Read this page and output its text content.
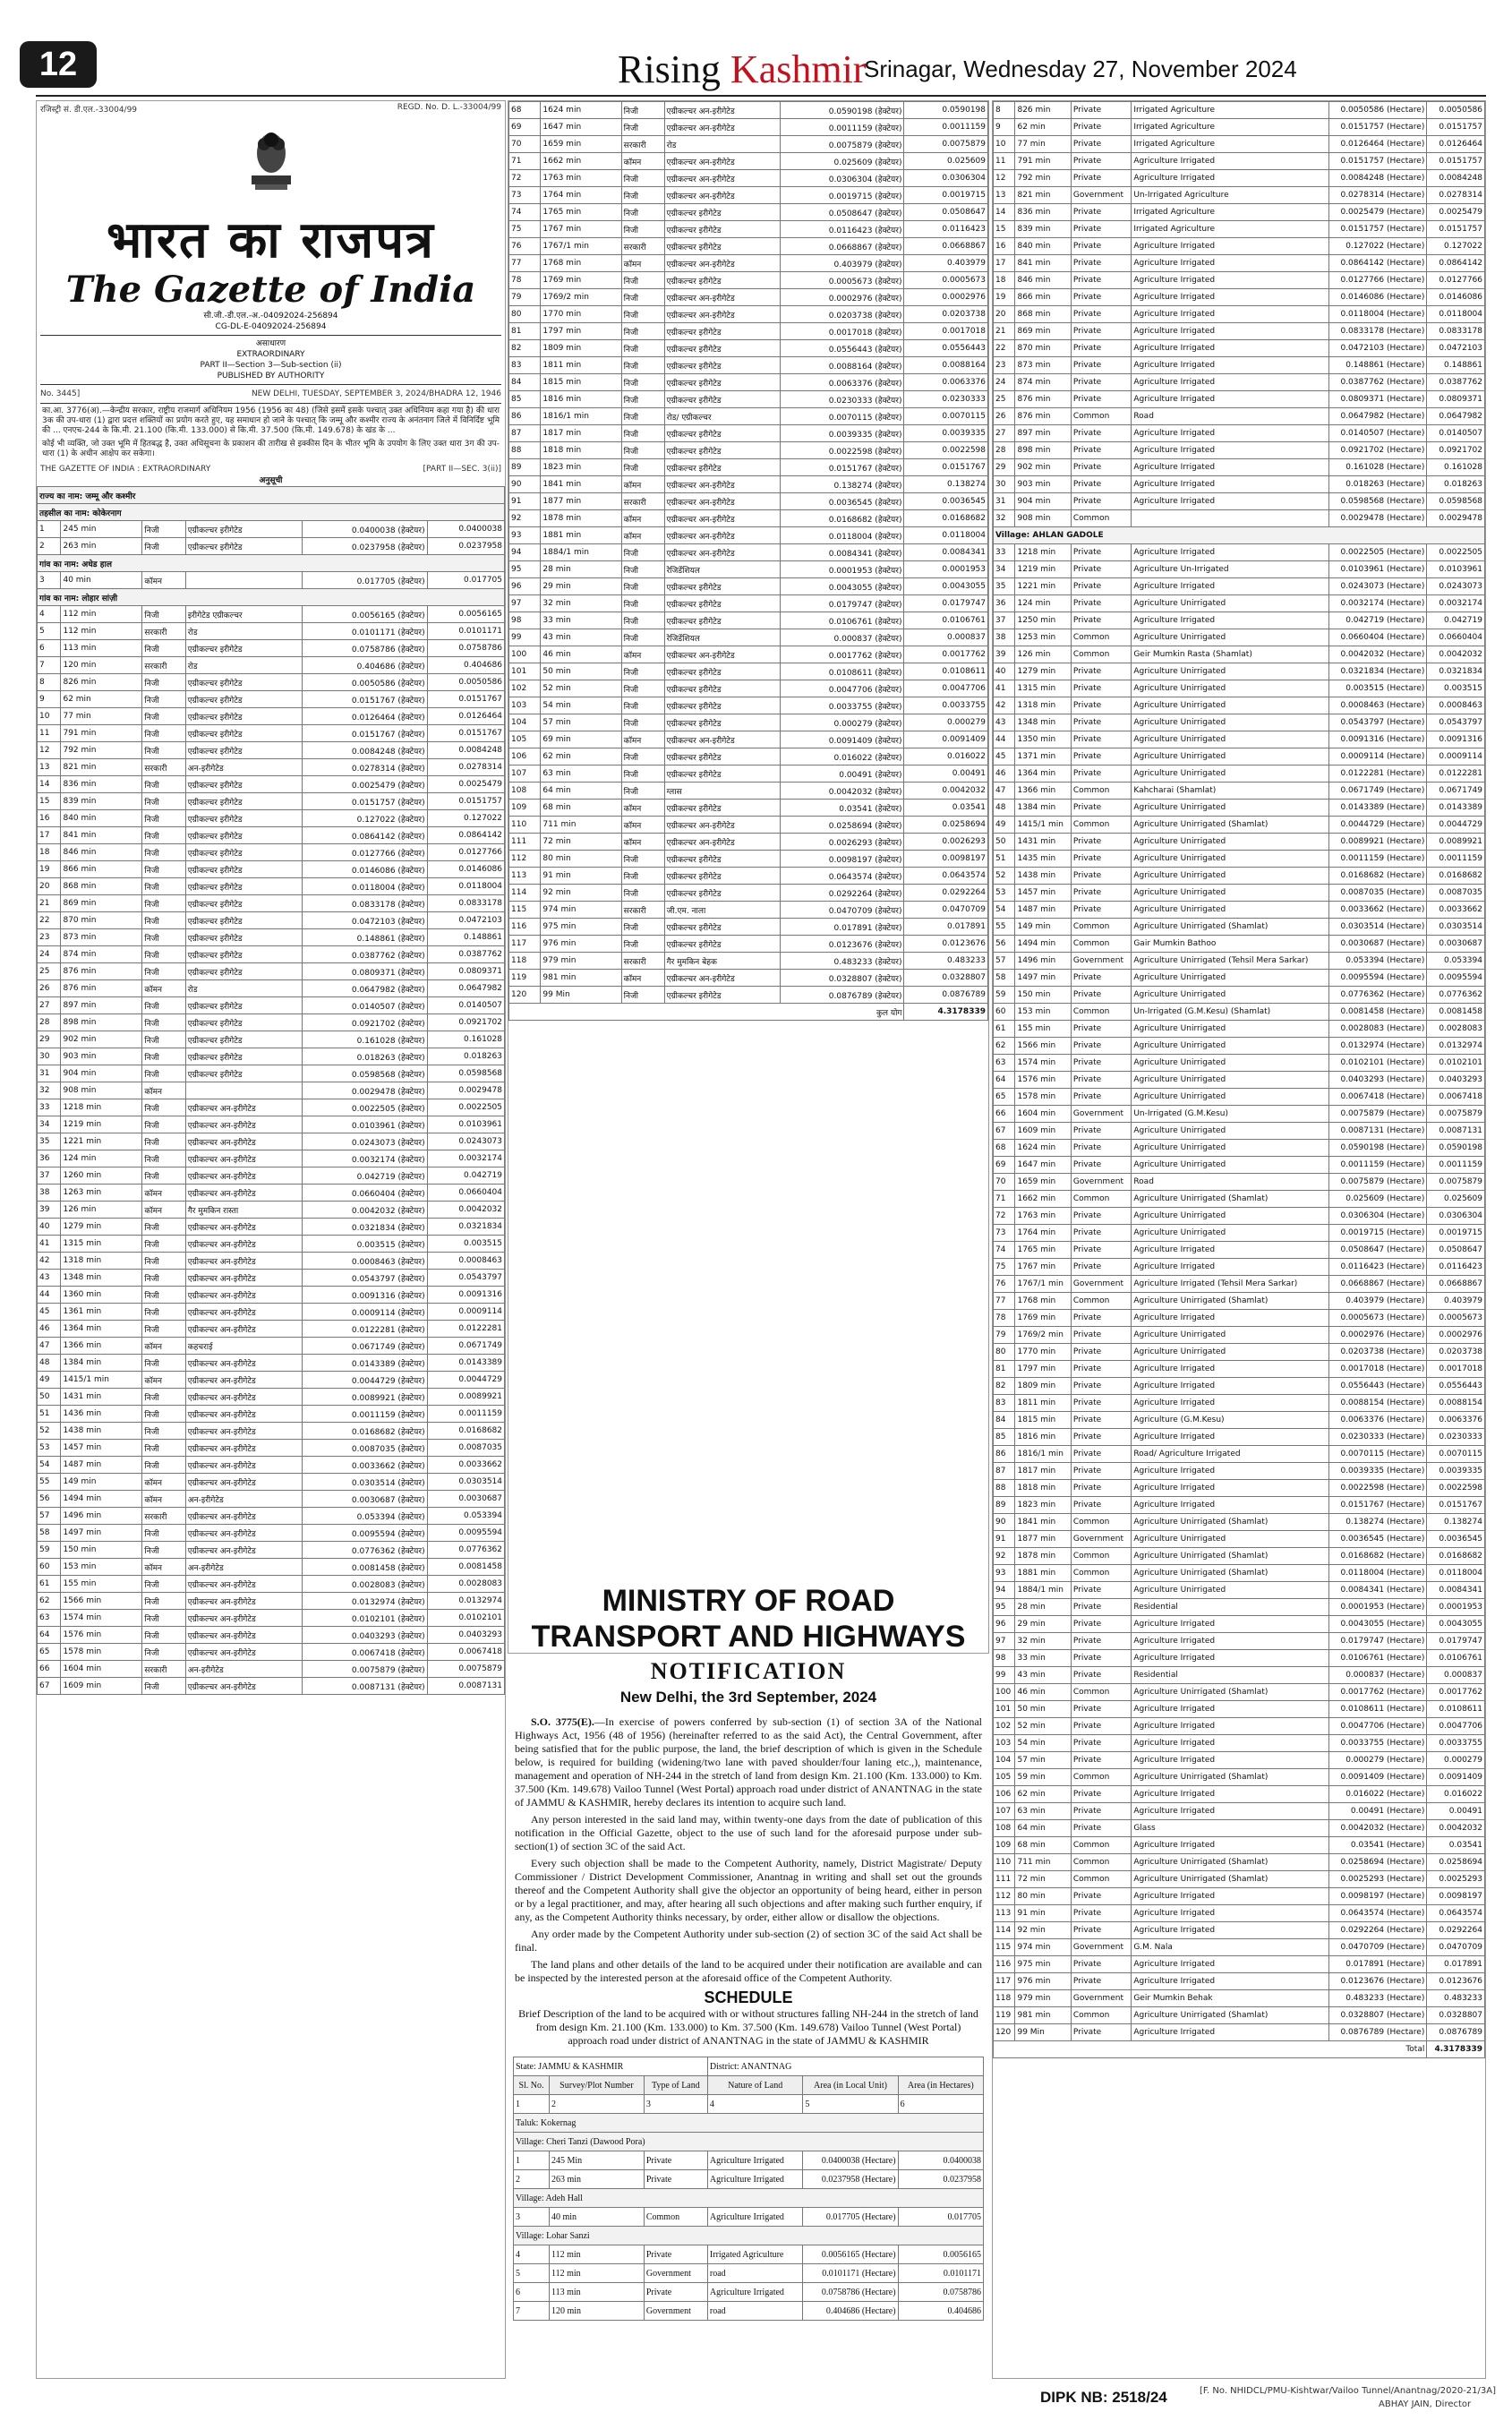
12	Rising Kashmir
Srinagar, Wednesday 27, November 2024
रजिस्ट्री सं. डी.एल.-33004/99	REGD. No. D. L.-33004/99
भारत का राजपत्र
The Gazette of India
सी.जी.-डी.एल.-अ.-04092024-256894
CG-DL-E-04092024-256894
असाधारण
EXTRAORDINARY
PART II—Section 3—Sub-section (ii)
PUBLISHED BY AUTHORITY
No. 3445]	NEW DELHI, TUESDAY, SEPTEMBER 3, 2024/BHADRA 12, 1946
का.आ. 3776(अ).—केन्द्रीय सरकार, राष्ट्रीय राजमार्ग अधिनियम 1956 (1956 का 48) (जिसे इसमें इसके पश्चात् उक्त अधिनियम कहा गया है) की धारा 3क की उप-धारा (1) द्वारा प्रदत्त शक्तियों का प्रयोग करते हुए, यह समाधान हो जाने के पश्चात् कि जम्मू और कश्मीर राज्य के अनंतनाग जिले में विनिर्दिष्ट भूमि की ... एनएच-244 के कि.मी. 21.100 (कि.मी. 133.000) से कि.मी. 37.500 (कि.मी. 149.678) के खंड के ...
कोई भी व्यक्ति, जो उक्त भूमि में हितबद्ध है, उक्त अधिसूचना के प्रकाशन की तारीख से इक्कीस दिन के भीतर भूमि के उपयोग के लिए उक्त धारा 3ग की उप-धारा (1) के अधीन आक्षेप कर सकेगा।
THE GAZETTE OF INDIA : EXTRAORDINARY	[PART II—SEC. 3(ii)]
अनुसूची
राज्य का नाम: जम्मू और कश्मीर					
तहसील का नाम: कोकेरनाग					
1	245 min	निजी	एग्रीकल्चर इरीगेटेड	0.0400038 (हेक्टेयर)	0.0400038
2	263 min	निजी	एग्रीकल्चर इरीगेटेड	0.0237958 (हेक्टेयर)	0.0237958
गांव का नाम: अधेड हाल					
3	40 min	कॉमन		0.017705 (हेक्टेयर)	0.017705
गांव का नाम: लोहार सांज़ी					
4	112 min	निजी	इरीगेटेड एग्रीकल्चर	0.0056165 (हेक्टेयर)	0.0056165
5	112 min	सरकारी	रोड	0.0101171 (हेक्टेयर)	0.0101171
6	113 min	निजी	एग्रीकल्चर इरीगेटेड	0.0758786 (हेक्टेयर)	0.0758786
7	120 min	सरकारी	रोड	0.404686 (हेक्टेयर)	0.404686
8	826 min	निजी	एग्रीकल्चर इरीगेटेड	0.0050586 (हेक्टेयर)	0.0050586
9	62 min	निजी	एग्रीकल्चर इरीगेटेड	0.0151767 (हेक्टेयर)	0.0151767
10	77 min	निजी	एग्रीकल्चर इरीगेटेड	0.0126464 (हेक्टेयर)	0.0126464
11	791 min	निजी	एग्रीकल्चर इरीगेटेड	0.0151767 (हेक्टेयर)	0.0151767
12	792 min	निजी	एग्रीकल्चर इरीगेटेड	0.0084248 (हेक्टेयर)	0.0084248
13	821 min	सरकारी	अन-इरीगेटेड	0.0278314 (हेक्टेयर)	0.0278314
14	836 min	निजी	एग्रीकल्चर इरीगेटेड	0.0025479 (हेक्टेयर)	0.0025479
15	839 min	निजी	एग्रीकल्चर इरीगेटेड	0.0151757 (हेक्टेयर)	0.0151757
16	840 min	निजी	एग्रीकल्चर इरीगेटेड	0.127022 (हेक्टेयर)	0.127022
17	841 min	निजी	एग्रीकल्चर इरीगेटेड	0.0864142 (हेक्टेयर)	0.0864142
18	846 min	निजी	एग्रीकल्चर इरीगेटेड	0.0127766 (हेक्टेयर)	0.0127766
19	866 min	निजी	एग्रीकल्चर इरीगेटेड	0.0146086 (हेक्टेयर)	0.0146086
20	868 min	निजी	एग्रीकल्चर इरीगेटेड	0.0118004 (हेक्टेयर)	0.0118004
21	869 min	निजी	एग्रीकल्चर इरीगेटेड	0.0833178 (हेक्टेयर)	0.0833178
22	870 min	निजी	एग्रीकल्चर इरीगेटेड	0.0472103 (हेक्टेयर)	0.0472103
23	873 min	निजी	एग्रीकल्चर इरीगेटेड	0.148861 (हेक्टेयर)	0.148861
24	874 min	निजी	एग्रीकल्चर इरीगेटेड	0.0387762 (हेक्टेयर)	0.0387762
25	876 min	निजी	एग्रीकल्चर इरीगेटेड	0.0809371 (हेक्टेयर)	0.0809371
26	876 min	कॉमन	रोड	0.0647982 (हेक्टेयर)	0.0647982
27	897 min	निजी	एग्रीकल्चर इरीगेटेड	0.0140507 (हेक्टेयर)	0.0140507
28	898 min	निजी	एग्रीकल्चर इरीगेटेड	0.0921702 (हेक्टेयर)	0.0921702
29	902 min	निजी	एग्रीकल्चर इरीगेटेड	0.161028 (हेक्टेयर)	0.161028
30	903 min	निजी	एग्रीकल्चर इरीगेटेड	0.018263 (हेक्टेयर)	0.018263
31	904 min	निजी	एग्रीकल्चर इरीगेटेड	0.0598568 (हेक्टेयर)	0.0598568
32	908 min	कॉमन		0.0029478 (हेक्टेयर)	0.0029478
33	1218 min	निजी	एग्रीकल्चर अन-इरीगेटेड	0.0022505 (हेक्टेयर)	0.0022505
34	1219 min	निजी	एग्रीकल्चर अन-इरीगेटेड	0.0103961 (हेक्टेयर)	0.0103961
35	1221 min	निजी	एग्रीकल्चर अन-इरीगेटेड	0.0243073 (हेक्टेयर)	0.0243073
36	124 min	निजी	एग्रीकल्चर अन-इरीगेटेड	0.0032174 (हेक्टेयर)	0.0032174
37	1260 min	निजी	एग्रीकल्चर अन-इरीगेटेड	0.042719 (हेक्टेयर)	0.042719
38	1263 min	कॉमन	एग्रीकल्चर अन-इरीगेटेड	0.0660404 (हेक्टेयर)	0.0660404
39	126 min	कॉमन	गैर मुमकिन रास्ता	0.0042032 (हेक्टेयर)	0.0042032
40	1279 min	निजी	एग्रीकल्चर अन-इरीगेटेड	0.0321834 (हेक्टेयर)	0.0321834
41	1315 min	निजी	एग्रीकल्चर अन-इरीगेटेड	0.003515 (हेक्टेयर)	0.003515
42	1318 min	निजी	एग्रीकल्चर अन-इरीगेटेड	0.0008463 (हेक्टेयर)	0.0008463
43	1348 min	निजी	एग्रीकल्चर अन-इरीगेटेड	0.0543797 (हेक्टेयर)	0.0543797
44	1360 min	निजी	एग्रीकल्चर अन-इरीगेटेड	0.0091316 (हेक्टेयर)	0.0091316
45	1361 min	निजी	एग्रीकल्चर अन-इरीगेटेड	0.0009114 (हेक्टेयर)	0.0009114
46	1364 min	निजी	एग्रीकल्चर अन-इरीगेटेड	0.0122281 (हेक्टेयर)	0.0122281
47	1366 min	कॉमन	कहचराई	0.0671749 (हेक्टेयर)	0.0671749
48	1384 min	निजी	एग्रीकल्चर अन-इरीगेटेड	0.0143389 (हेक्टेयर)	0.0143389
49	1415/1 min	कॉमन	एग्रीकल्चर अन-इरीगेटेड	0.0044729 (हेक्टेयर)	0.0044729
50	1431 min	निजी	एग्रीकल्चर अन-इरीगेटेड	0.0089921 (हेक्टेयर)	0.0089921
51	1436 min	निजी	एग्रीकल्चर अन-इरीगेटेड	0.0011159 (हेक्टेयर)	0.0011159
52	1438 min	निजी	एग्रीकल्चर अन-इरीगेटेड	0.0168682 (हेक्टेयर)	0.0168682
53	1457 min	निजी	एग्रीकल्चर अन-इरीगेटेड	0.0087035 (हेक्टेयर)	0.0087035
54	1487 min	निजी	एग्रीकल्चर अन-इरीगेटेड	0.0033662 (हेक्टेयर)	0.0033662
55	149 min	कॉमन	एग्रीकल्चर अन-इरीगेटेड	0.0303514 (हेक्टेयर)	0.0303514
56	1494 min	कॉमन	अन-इरीगेटेड	0.0030687 (हेक्टेयर)	0.0030687
57	1496 min	सरकारी	एग्रीकल्चर अन-इरीगेटेड	0.053394 (हेक्टेयर)	0.053394
58	1497 min	निजी	एग्रीकल्चर अन-इरीगेटेड	0.0095594 (हेक्टेयर)	0.0095594
59	150 min	निजी	एग्रीकल्चर अन-इरीगेटेड	0.0776362 (हेक्टेयर)	0.0776362
60	153 min	कॉमन	अन-इरीगेटेड	0.0081458 (हेक्टेयर)	0.0081458
61	155 min	निजी	एग्रीकल्चर अन-इरीगेटेड	0.0028083 (हेक्टेयर)	0.0028083
62	1566 min	निजी	एग्रीकल्चर अन-इरीगेटेड	0.0132974 (हेक्टेयर)	0.0132974
63	1574 min	निजी	एग्रीकल्चर अन-इरीगेटेड	0.0102101 (हेक्टेयर)	0.0102101
64	1576 min	निजी	एग्रीकल्चर अन-इरीगेटेड	0.0403293 (हेक्टेयर)	0.0403293
65	1578 min	निजी	एग्रीकल्चर अन-इरीगेटेड	0.0067418 (हेक्टेयर)	0.0067418
66	1604 min	सरकारी	अन-इरीगेटेड	0.0075879 (हेक्टेयर)	0.0075879
67	1609 min	निजी	एग्रीकल्चर अन-इरीगेटेड	0.0087131 (हेक्टेयर)	0.0087131
68	1624 min	निजी	एग्रीकल्चर अन-इरीगेटेड	0.0590198 (हेक्टेयर)	0.0590198
69	1647 min	निजी	एग्रीकल्चर अन-इरीगेटेड	0.0011159 (हेक्टेयर)	0.0011159
70	1659 min	सरकारी	रोड	0.0075879 (हेक्टेयर)	0.0075879
71	1662 min	कॉमन	एग्रीकल्चर अन-इरीगेटेड	0.025609 (हेक्टेयर)	0.025609
72	1763 min	निजी	एग्रीकल्चर अन-इरीगेटेड	0.0306304 (हेक्टेयर)	0.0306304
73	1764 min	निजी	एग्रीकल्चर अन-इरीगेटेड	0.0019715 (हेक्टेयर)	0.0019715
74	1765 min	निजी	एग्रीकल्चर इरीगेटेड	0.0508647 (हेक्टेयर)	0.0508647
75	1767 min	निजी	एग्रीकल्चर इरीगेटेड	0.0116423 (हेक्टेयर)	0.0116423
76	1767/1 min	सरकारी	एग्रीकल्चर इरीगेटेड	0.0668867 (हेक्टेयर)	0.0668867
77	1768 min	कॉमन	एग्रीकल्चर अन-इरीगेटेड	0.403979 (हेक्टेयर)	0.403979
78	1769 min	निजी	एग्रीकल्चर इरीगेटेड	0.0005673 (हेक्टेयर)	0.0005673
79	1769/2 min	निजी	एग्रीकल्चर अन-इरीगेटेड	0.0002976 (हेक्टेयर)	0.0002976
80	1770 min	निजी	एग्रीकल्चर अन-इरीगेटेड	0.0203738 (हेक्टेयर)	0.0203738
81	1797 min	निजी	एग्रीकल्चर इरीगेटेड	0.0017018 (हेक्टेयर)	0.0017018
82	1809 min	निजी	एग्रीकल्चर इरीगेटेड	0.0556443 (हेक्टेयर)	0.0556443
83	1811 min	निजी	एग्रीकल्चर इरीगेटेड	0.0088164 (हेक्टेयर)	0.0088164
84	1815 min	निजी	एग्रीकल्चर इरीगेटेड	0.0063376 (हेक्टेयर)	0.0063376
85	1816 min	निजी	एग्रीकल्चर इरीगेटेड	0.0230333 (हेक्टेयर)	0.0230333
86	1816/1 min	निजी	रोड/ एग्रीकल्चर	0.0070115 (हेक्टेयर)	0.0070115
87	1817 min	निजी	एग्रीकल्चर इरीगेटेड	0.0039335 (हेक्टेयर)	0.0039335
88	1818 min	निजी	एग्रीकल्चर इरीगेटेड	0.0022598 (हेक्टेयर)	0.0022598
89	1823 min	निजी	एग्रीकल्चर इरीगेटेड	0.0151767 (हेक्टेयर)	0.0151767
90	1841 min	कॉमन	एग्रीकल्चर अन-इरीगेटेड	0.138274 (हेक्टेयर)	0.138274
91	1877 min	सरकारी	एग्रीकल्चर अन-इरीगेटेड	0.0036545 (हेक्टेयर)	0.0036545
92	1878 min	कॉमन	एग्रीकल्चर अन-इरीगेटेड	0.0168682 (हेक्टेयर)	0.0168682
93	1881 min	कॉमन	एग्रीकल्चर अन-इरीगेटेड	0.0118004 (हेक्टेयर)	0.0118004
94	1884/1 min	निजी	एग्रीकल्चर अन-इरीगेटेड	0.0084341 (हेक्टेयर)	0.0084341
95	28 min	निजी	रेजिडेंशियल	0.0001953 (हेक्टेयर)	0.0001953
96	29 min	निजी	एग्रीकल्चर इरीगेटेड	0.0043055 (हेक्टेयर)	0.0043055
97	32 min	निजी	एग्रीकल्चर इरीगेटेड	0.0179747 (हेक्टेयर)	0.0179747
98	33 min	निजी	एग्रीकल्चर इरीगेटेड	0.0106761 (हेक्टेयर)	0.0106761
99	43 min	निजी	रेजिडेंशियल	0.000837 (हेक्टेयर)	0.000837
100	46 min	कॉमन	एग्रीकल्चर अन-इरीगेटेड	0.0017762 (हेक्टेयर)	0.0017762
101	50 min	निजी	एग्रीकल्चर इरीगेटेड	0.0108611 (हेक्टेयर)	0.0108611
102	52 min	निजी	एग्रीकल्चर इरीगेटेड	0.0047706 (हेक्टेयर)	0.0047706
103	54 min	निजी	एग्रीकल्चर इरीगेटेड	0.0033755 (हेक्टेयर)	0.0033755
104	57 min	निजी	एग्रीकल्चर इरीगेटेड	0.000279 (हेक्टेयर)	0.000279
105	69 min	कॉमन	एग्रीकल्चर अन-इरीगेटेड	0.0091409 (हेक्टेयर)	0.0091409
106	62 min	निजी	एग्रीकल्चर इरीगेटेड	0.016022 (हेक्टेयर)	0.016022
107	63 min	निजी	एग्रीकल्चर इरीगेटेड	0.00491 (हेक्टेयर)	0.00491
108	64 min	निजी	ग्लास	0.0042032 (हेक्टेयर)	0.0042032
109	68 min	कॉमन	एग्रीकल्चर इरीगेटेड	0.03541 (हेक्टेयर)	0.03541
110	711 min	कॉमन	एग्रीकल्चर अन-इरीगेटेड	0.0258694 (हेक्टेयर)	0.0258694
111	72 min	कॉमन	एग्रीकल्चर अन-इरीगेटेड	0.0026293 (हेक्टेयर)	0.0026293
112	80 min	निजी	एग्रीकल्चर इरीगेटेड	0.0098197 (हेक्टेयर)	0.0098197
113	91 min	निजी	एग्रीकल्चर इरीगेटेड	0.0643574 (हेक्टेयर)	0.0643574
114	92 min	निजी	एग्रीकल्चर इरीगेटेड	0.0292264 (हेक्टेयर)	0.0292264
115	974 min	सरकारी	जी.एम. नाला	0.0470709 (हेक्टेयर)	0.0470709
116	975 min	निजी	एग्रीकल्चर इरीगेटेड	0.017891 (हेक्टेयर)	0.017891
117	976 min	निजी	एग्रीकल्चर इरीगेटेड	0.0123676 (हेक्टेयर)	0.0123676
118	979 min	सरकारी	गैर मुमकिन बेहक	0.483233 (हेक्टेयर)	0.483233
119	981 min	कॉमन	एग्रीकल्चर अन-इरीगेटेड	0.0328807 (हेक्टेयर)	0.0328807
120	99 Min	निजी	एग्रीकल्चर इरीगेटेड	0.0876789 (हेक्टेयर)	0.0876789
कुल योग					4.3178339
MINISTRY OF ROAD TRANSPORT AND HIGHWAYS
NOTIFICATION
New Delhi, the 3rd September, 2024

S.O. 3775(E).—In exercise of powers conferred by sub-section (1) of section 3A of the National Highways Act, 1956 (48 of 1956) (hereinafter referred to as the said Act), the Central Government, after being satisfied that for the public purpose, the land, the brief description of which is given in the Schedule below, is required for building (widening/two lane with paved shoulder/four laning etc.,), maintenance, management and operation of NH-244 in the stretch of land from design Km. 21.100 (Km. 133.000) to Km. 37.500 (Km. 149.678) Vailoo Tunnel (West Portal) approach road under district of ANANTNAG in the state of JAMMU & KASHMIR, hereby declares its intention to acquire such land.

Any person interested in the said land may, within twenty-one days from the date of publication of this notification in the Official Gazette, object to the use of such land for the aforesaid purpose under sub-section(1) of section 3C of the said Act.

Every such objection shall be made to the Competent Authority, namely, District Magistrate/ Deputy Commissioner / District Development Commissioner, Anantnag in writing and shall set out the grounds thereof and the Competent Authority shall give the objector an opportunity of being heard, either in person or by a legal practitioner, and may, after hearing all such objections and after making such further enquiry, if any, as the Competent Authority thinks necessary, by order, either allow or disallow the objections.

Any order made by the Competent Authority under sub-section (2) of section 3C of the said Act shall be final.

The land plans and other details of the land to be acquired under their notification are available and can be inspected by the interested person at the aforesaid office of the Competent Authority.

SCHEDULE
Brief Description of the land to be acquired with or without structures falling NH-244 in the stretch of land from design Km. 21.100 (Km. 133.000) to Km. 37.500 (Km. 149.678) Vailoo Tunnel (West Portal) approach road under district of ANANTNAG in the state of JAMMU & KASHMIR
State: JAMMU & KASHMIR			District: ANANTNAG		
Sl. No.	Survey/Plot Number	Type of Land	Nature of Land	Area (in Local Unit)	Area (in Hectares)
1	2	3	4	5	6
Taluk: Kokernag					
Village: Cheri Tanzi (Dawood Pora)					
1	245 Min	Private	Agriculture Irrigated	0.0400038 (Hectare)	0.0400038
2	263 min	Private	Agriculture Irrigated	0.0237958 (Hectare)	0.0237958
Village: Adeh Hall					
3	40 min	Common	Agriculture Irrigated	0.017705 (Hectare)	0.017705
Village: Lohar Sanzi					
4	112 min	Private	Irrigated Agriculture	0.0056165 (Hectare)	0.0056165
5	112 min	Government	road	0.0101171 (Hectare)	0.0101171
6	113 min	Private	Agriculture Irrigated	0.0758786 (Hectare)	0.0758786
7	120 min	Government	road	0.404686 (Hectare)	0.404686
8	826 min	Private	Irrigated Agriculture	0.0050586 (Hectare)	0.0050586
9	62 min	Private	Irrigated Agriculture	0.0151757 (Hectare)	0.0151757
10	77 min	Private	Irrigated Agriculture	0.0126464 (Hectare)	0.0126464
11	791 min	Private	Agriculture Irrigated	0.0151757 (Hectare)	0.0151757
12	792 min	Private	Agriculture Irrigated	0.0084248 (Hectare)	0.0084248
13	821 min	Government	Un-Irrigated Agriculture	0.0278314 (Hectare)	0.0278314
14	836 min	Private	Irrigated Agriculture	0.0025479 (Hectare)	0.0025479
15	839 min	Private	Irrigated Agriculture	0.0151757 (Hectare)	0.0151757
16	840 min	Private	Agriculture Irrigated	0.127022 (Hectare)	0.127022
17	841 min	Private	Agriculture Irrigated	0.0864142 (Hectare)	0.0864142
18	846 min	Private	Agriculture Irrigated	0.0127766 (Hectare)	0.0127766
19	866 min	Private	Agriculture Irrigated	0.0146086 (Hectare)	0.0146086
20	868 min	Private	Agriculture Irrigated	0.0118004 (Hectare)	0.0118004
21	869 min	Private	Agriculture Irrigated	0.0833178 (Hectare)	0.0833178
22	870 min	Private	Agriculture Irrigated	0.0472103 (Hectare)	0.0472103
23	873 min	Private	Agriculture Irrigated	0.148861 (Hectare)	0.148861
24	874 min	Private	Agriculture Irrigated	0.0387762 (Hectare)	0.0387762
25	876 min	Private	Agriculture Irrigated	0.0809371 (Hectare)	0.0809371
26	876 min	Common	Road	0.0647982 (Hectare)	0.0647982
27	897 min	Private	Agriculture Irrigated	0.0140507 (Hectare)	0.0140507
28	898 min	Private	Agriculture Irrigated	0.0921702 (Hectare)	0.0921702
29	902 min	Private	Agriculture Irrigated	0.161028 (Hectare)	0.161028
30	903 min	Private	Agriculture Irrigated	0.018263 (Hectare)	0.018263
31	904 min	Private	Agriculture Irrigated	0.0598568 (Hectare)	0.0598568
32	908 min	Common		0.0029478 (Hectare)	0.0029478
Village: AHLAN GADOLE					
33	1218 min	Private	Agriculture Irrigated	0.0022505 (Hectare)	0.0022505
34	1219 min	Private	Agriculture Un-Irrigated	0.0103961 (Hectare)	0.0103961
35	1221 min	Private	Agriculture Irrigated	0.0243073 (Hectare)	0.0243073
36	124 min	Private	Agriculture Unirrigated	0.0032174 (Hectare)	0.0032174
37	1250 min	Private	Agriculture Irrigated	0.042719 (Hectare)	0.042719
38	1253 min	Common	Agriculture Unirrigated	0.0660404 (Hectare)	0.0660404
39	126 min	Common	Geir Mumkin Rasta (Shamlat)	0.0042032 (Hectare)	0.0042032
40	1279 min	Private	Agriculture Unirrigated	0.0321834 (Hectare)	0.0321834
41	1315 min	Private	Agriculture Unirrigated	0.003515 (Hectare)	0.003515
42	1318 min	Private	Agriculture Unirrigated	0.0008463 (Hectare)	0.0008463
43	1348 min	Private	Agriculture Unirrigated	0.0543797 (Hectare)	0.0543797
44	1350 min	Private	Agriculture Unirrigated	0.0091316 (Hectare)	0.0091316
45	1371 min	Private	Agriculture Unirrigated	0.0009114 (Hectare)	0.0009114
46	1364 min	Private	Agriculture Unirrigated	0.0122281 (Hectare)	0.0122281
47	1366 min	Common	Kahcharai (Shamlat)	0.0671749 (Hectare)	0.0671749
48	1384 min	Private	Agriculture Unirrigated	0.0143389 (Hectare)	0.0143389
49	1415/1 min	Common	Agriculture Unirrigated (Shamlat)	0.0044729 (Hectare)	0.0044729
50	1431 min	Private	Agriculture Unirrigated	0.0089921 (Hectare)	0.0089921
51	1435 min	Private	Agriculture Unirrigated	0.0011159 (Hectare)	0.0011159
52	1438 min	Private	Agriculture Unirrigated	0.0168682 (Hectare)	0.0168682
53	1457 min	Private	Agriculture Unirrigated	0.0087035 (Hectare)	0.0087035
54	1487 min	Private	Agriculture Unirrigated	0.0033662 (Hectare)	0.0033662
55	149 min	Common	Agriculture Unirrigated (Shamlat)	0.0303514 (Hectare)	0.0303514
56	1494 min	Common	Gair Mumkin Bathoo	0.0030687 (Hectare)	0.0030687
57	1496 min	Government	Agriculture Unirrigated (Tehsil Mera Sarkar)	0.053394 (Hectare)	0.053394
58	1497 min	Private	Agriculture Unirrigated	0.0095594 (Hectare)	0.0095594
59	150 min	Private	Agriculture Unirrigated	0.0776362 (Hectare)	0.0776362
60	153 min	Common	Un-Irrigated (G.M.Kesu) (Shamlat)	0.0081458 (Hectare)	0.0081458
61	155 min	Private	Agriculture Unirrigated	0.0028083 (Hectare)	0.0028083
62	1566 min	Private	Agriculture Unirrigated	0.0132974 (Hectare)	0.0132974
63	1574 min	Private	Agriculture Unirrigated	0.0102101 (Hectare)	0.0102101
64	1576 min	Private	Agriculture Unirrigated	0.0403293 (Hectare)	0.0403293
65	1578 min	Private	Agriculture Unirrigated	0.0067418 (Hectare)	0.0067418
66	1604 min	Government	Un-Irrigated (G.M.Kesu)	0.0075879 (Hectare)	0.0075879
67	1609 min	Private	Agriculture Unirrigated	0.0087131 (Hectare)	0.0087131
68	1624 min	Private	Agriculture Unirrigated	0.0590198 (Hectare)	0.0590198
69	1647 min	Private	Agriculture Unirrigated	0.0011159 (Hectare)	0.0011159
70	1659 min	Government	Road	0.0075879 (Hectare)	0.0075879
71	1662 min	Common	Agriculture Unirrigated (Shamlat)	0.025609 (Hectare)	0.025609
72	1763 min	Private	Agriculture Unirrigated	0.0306304 (Hectare)	0.0306304
73	1764 min	Private	Agriculture Unirrigated	0.0019715 (Hectare)	0.0019715
74	1765 min	Private	Agriculture Irrigated	0.0508647 (Hectare)	0.0508647
75	1767 min	Private	Agriculture Irrigated	0.0116423 (Hectare)	0.0116423
76	1767/1 min	Government	Agriculture Irrigated (Tehsil Mera Sarkar)	0.0668867 (Hectare)	0.0668867
77	1768 min	Common	Agriculture Unirrigated (Shamlat)	0.403979 (Hectare)	0.403979
78	1769 min	Private	Agriculture Irrigated	0.0005673 (Hectare)	0.0005673
79	1769/2 min	Private	Agriculture Unirrigated	0.0002976 (Hectare)	0.0002976
80	1770 min	Private	Agriculture Unirrigated	0.0203738 (Hectare)	0.0203738
81	1797 min	Private	Agriculture Irrigated	0.0017018 (Hectare)	0.0017018
82	1809 min	Private	Agriculture Irrigated	0.0556443 (Hectare)	0.0556443
83	1811 min	Private	Agriculture Irrigated	0.0088154 (Hectare)	0.0088154
84	1815 min	Private	Agriculture (G.M.Kesu)	0.0063376 (Hectare)	0.0063376
85	1816 min	Private	Agriculture Irrigated	0.0230333 (Hectare)	0.0230333
86	1816/1 min	Private	Road/ Agriculture Irrigated	0.0070115 (Hectare)	0.0070115
87	1817 min	Private	Agriculture Irrigated	0.0039335 (Hectare)	0.0039335
88	1818 min	Private	Agriculture Irrigated	0.0022598 (Hectare)	0.0022598
89	1823 min	Private	Agriculture Irrigated	0.0151767 (Hectare)	0.0151767
90	1841 min	Common	Agriculture Unirrigated (Shamlat)	0.138274 (Hectare)	0.138274
91	1877 min	Government	Agriculture Unirrigated	0.0036545 (Hectare)	0.0036545
92	1878 min	Common	Agriculture Unirrigated (Shamlat)	0.0168682 (Hectare)	0.0168682
93	1881 min	Common	Agriculture Unirrigated (Shamlat)	0.0118004 (Hectare)	0.0118004
94	1884/1 min	Private	Agriculture Unirrigated	0.0084341 (Hectare)	0.0084341
95	28 min	Private	Residential	0.0001953 (Hectare)	0.0001953
96	29 min	Private	Agriculture Irrigated	0.0043055 (Hectare)	0.0043055
97	32 min	Private	Agriculture Irrigated	0.0179747 (Hectare)	0.0179747
98	33 min	Private	Agriculture Irrigated	0.0106761 (Hectare)	0.0106761
99	43 min	Private	Residential	0.000837 (Hectare)	0.000837
100	46 min	Common	Agriculture Unirrigated (Shamlat)	0.0017762 (Hectare)	0.0017762
101	50 min	Private	Agriculture Irrigated	0.0108611 (Hectare)	0.0108611
102	52 min	Private	Agriculture Irrigated	0.0047706 (Hectare)	0.0047706
103	54 min	Private	Agriculture Irrigated	0.0033755 (Hectare)	0.0033755
104	57 min	Private	Agriculture Irrigated	0.000279 (Hectare)	0.000279
105	59 min	Common	Agriculture Unirrigated (Shamlat)	0.0091409 (Hectare)	0.0091409
106	62 min	Private	Agriculture Irrigated	0.016022 (Hectare)	0.016022
107	63 min	Private	Agriculture Irrigated	0.00491 (Hectare)	0.00491
108	64 min	Private	Glass	0.0042032 (Hectare)	0.0042032
109	68 min	Common	Agriculture Irrigated	0.03541 (Hectare)	0.03541
110	711 min	Common	Agriculture Unirrigated (Shamlat)	0.0258694 (Hectare)	0.0258694
111	72 min	Common	Agriculture Unirrigated (Shamlat)	0.0025293 (Hectare)	0.0025293
112	80 min	Private	Agriculture Irrigated	0.0098197 (Hectare)	0.0098197
113	91 min	Private	Agriculture Irrigated	0.0643574 (Hectare)	0.0643574
114	92 min	Private	Agriculture Irrigated	0.0292264 (Hectare)	0.0292264
115	974 min	Government	G.M. Nala	0.0470709 (Hectare)	0.0470709
116	975 min	Private	Agriculture Irrigated	0.017891 (Hectare)	0.017891
117	976 min	Private	Agriculture Irrigated	0.0123676 (Hectare)	0.0123676
118	979 min	Government	Geir Mumkin Behak	0.483233 (Hectare)	0.483233
119	981 min	Common	Agriculture Unirrigated (Shamlat)	0.0328807 (Hectare)	0.0328807
120	99 Min	Private	Agriculture Irrigated	0.0876789 (Hectare)	0.0876789
Total					4.3178339
DIPK NB: 2518/24	[F. No. NHIDCL/PMU-Kishtwar/Vailoo Tunnel/Anantnag/2020-21/3A]
ABHAY JAIN, Director
